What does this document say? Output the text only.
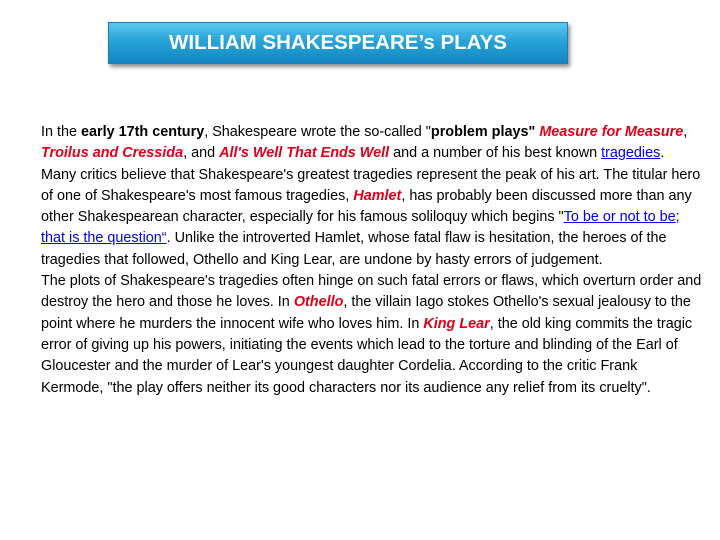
WILLIAM SHAKESPEARE’s PLAYS

In the early 17th century, Shakespeare wrote the so-called "problem plays" Measure for Measure, Troilus and Cressida, and All's Well That Ends Well and a number of his best known tragedies. Many critics believe that Shakespeare's greatest tragedies represent the peak of his art. The titular hero of one of Shakespeare's most famous tragedies, Hamlet, has probably been discussed more than any other Shakespearean character, especially for his famous soliloquy which begins "To be or not to be; that is the question“. Unlike the introverted Hamlet, whose fatal flaw is hesitation, the heroes of the tragedies that followed, Othello and King Lear, are undone by hasty errors of judgement.

The plots of Shakespeare's tragedies often hinge on such fatal errors or flaws, which overturn order and destroy the hero and those he loves. In Othello, the villain Iago stokes Othello's sexual jealousy to the point where he murders the innocent wife who loves him. In King Lear, the old king commits the tragic error of giving up his powers, initiating the events which lead to the torture and blinding of the Earl of Gloucester and the murder of Lear's youngest daughter Cordelia. According to the critic Frank Kermode, "the play offers neither its good characters nor its audience any relief from its cruelty".
